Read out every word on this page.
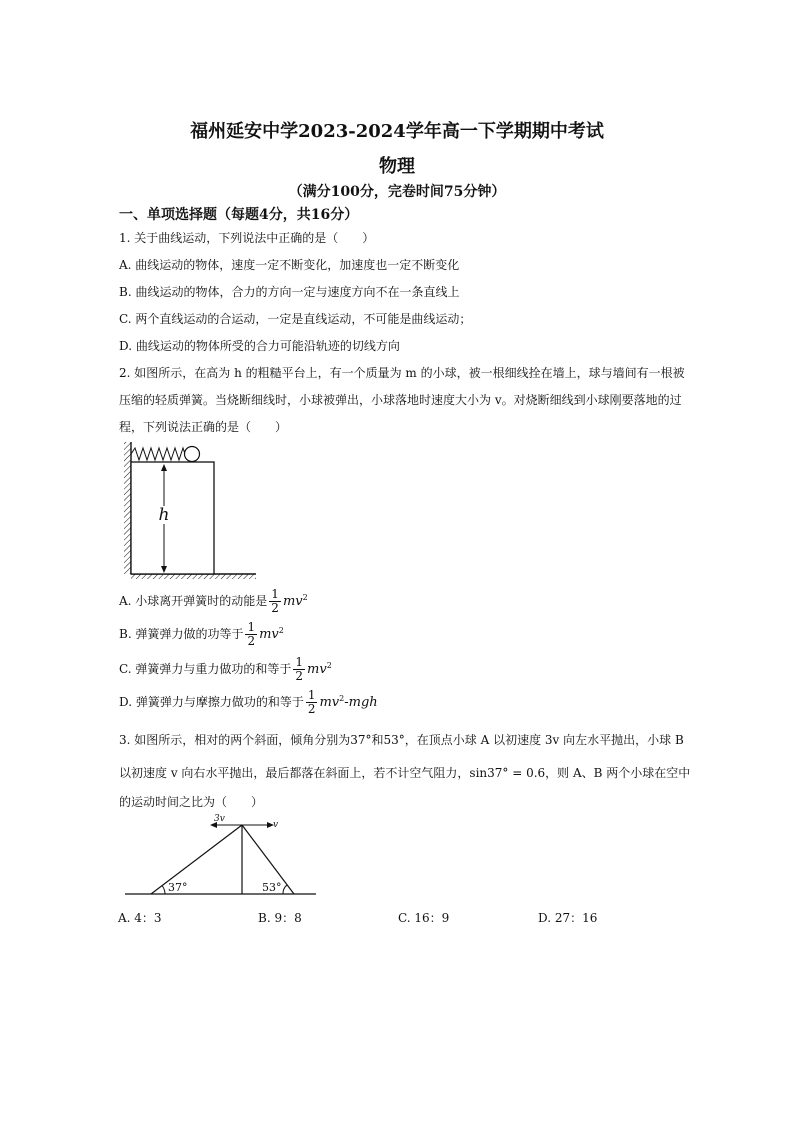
福州延安中学2023-2024学年高一下学期期中考试
物理
（满分100分，完卷时间75分钟）
一、单项选择题（每题4分，共16分）
1. 关于曲线运动，下列说法中正确的是（　　）
A. 曲线运动的物体，速度一定不断变化，加速度也一定不断变化
B. 曲线运动的物体，合力的方向一定与速度方向不在一条直线上
C. 两个直线运动的合运动，一定是直线运动，不可能是曲线运动；
D. 曲线运动的物体所受的合力可能沿轨迹的切线方向
2. 如图所示，在高为 h 的粗糙平台上，有一个质量为 m 的小球，被一根细线拴在墙上，球与墙间有一根被
压缩的轻质弹簧。当烧断细线时，小球被弹出，小球落地时速度大小为 v。对烧断细线到小球刚要落地的过
程，下列说法正确的是（　　）
h
A. 小球离开弹簧时的动能是 $\frac{1}{2} mv^2$
B. 弹簧弹力做的功等于 $\frac{1}{2} mv^2$
C. 弹簧弹力与重力做功的和等于 $\frac{1}{2} mv^2$
D. 弹簧弹力与摩擦力做功的和等于 $\frac{1}{2} mv^2-mgh$
3. 如图所示，相对的两个斜面，倾角分别为37°和53°，在顶点小球 A 以初速度 3v 向左水平抛出，小球 B
以初速度 v 向右水平抛出，最后都落在斜面上，若不计空气阻力，sin37° = 0.6，则 A、B 两个小球在空中
的运动时间之比为（　　）
3v
v
37°	53°
A. 4：3	B. 9：8	C. 16：9	D. 27：16
